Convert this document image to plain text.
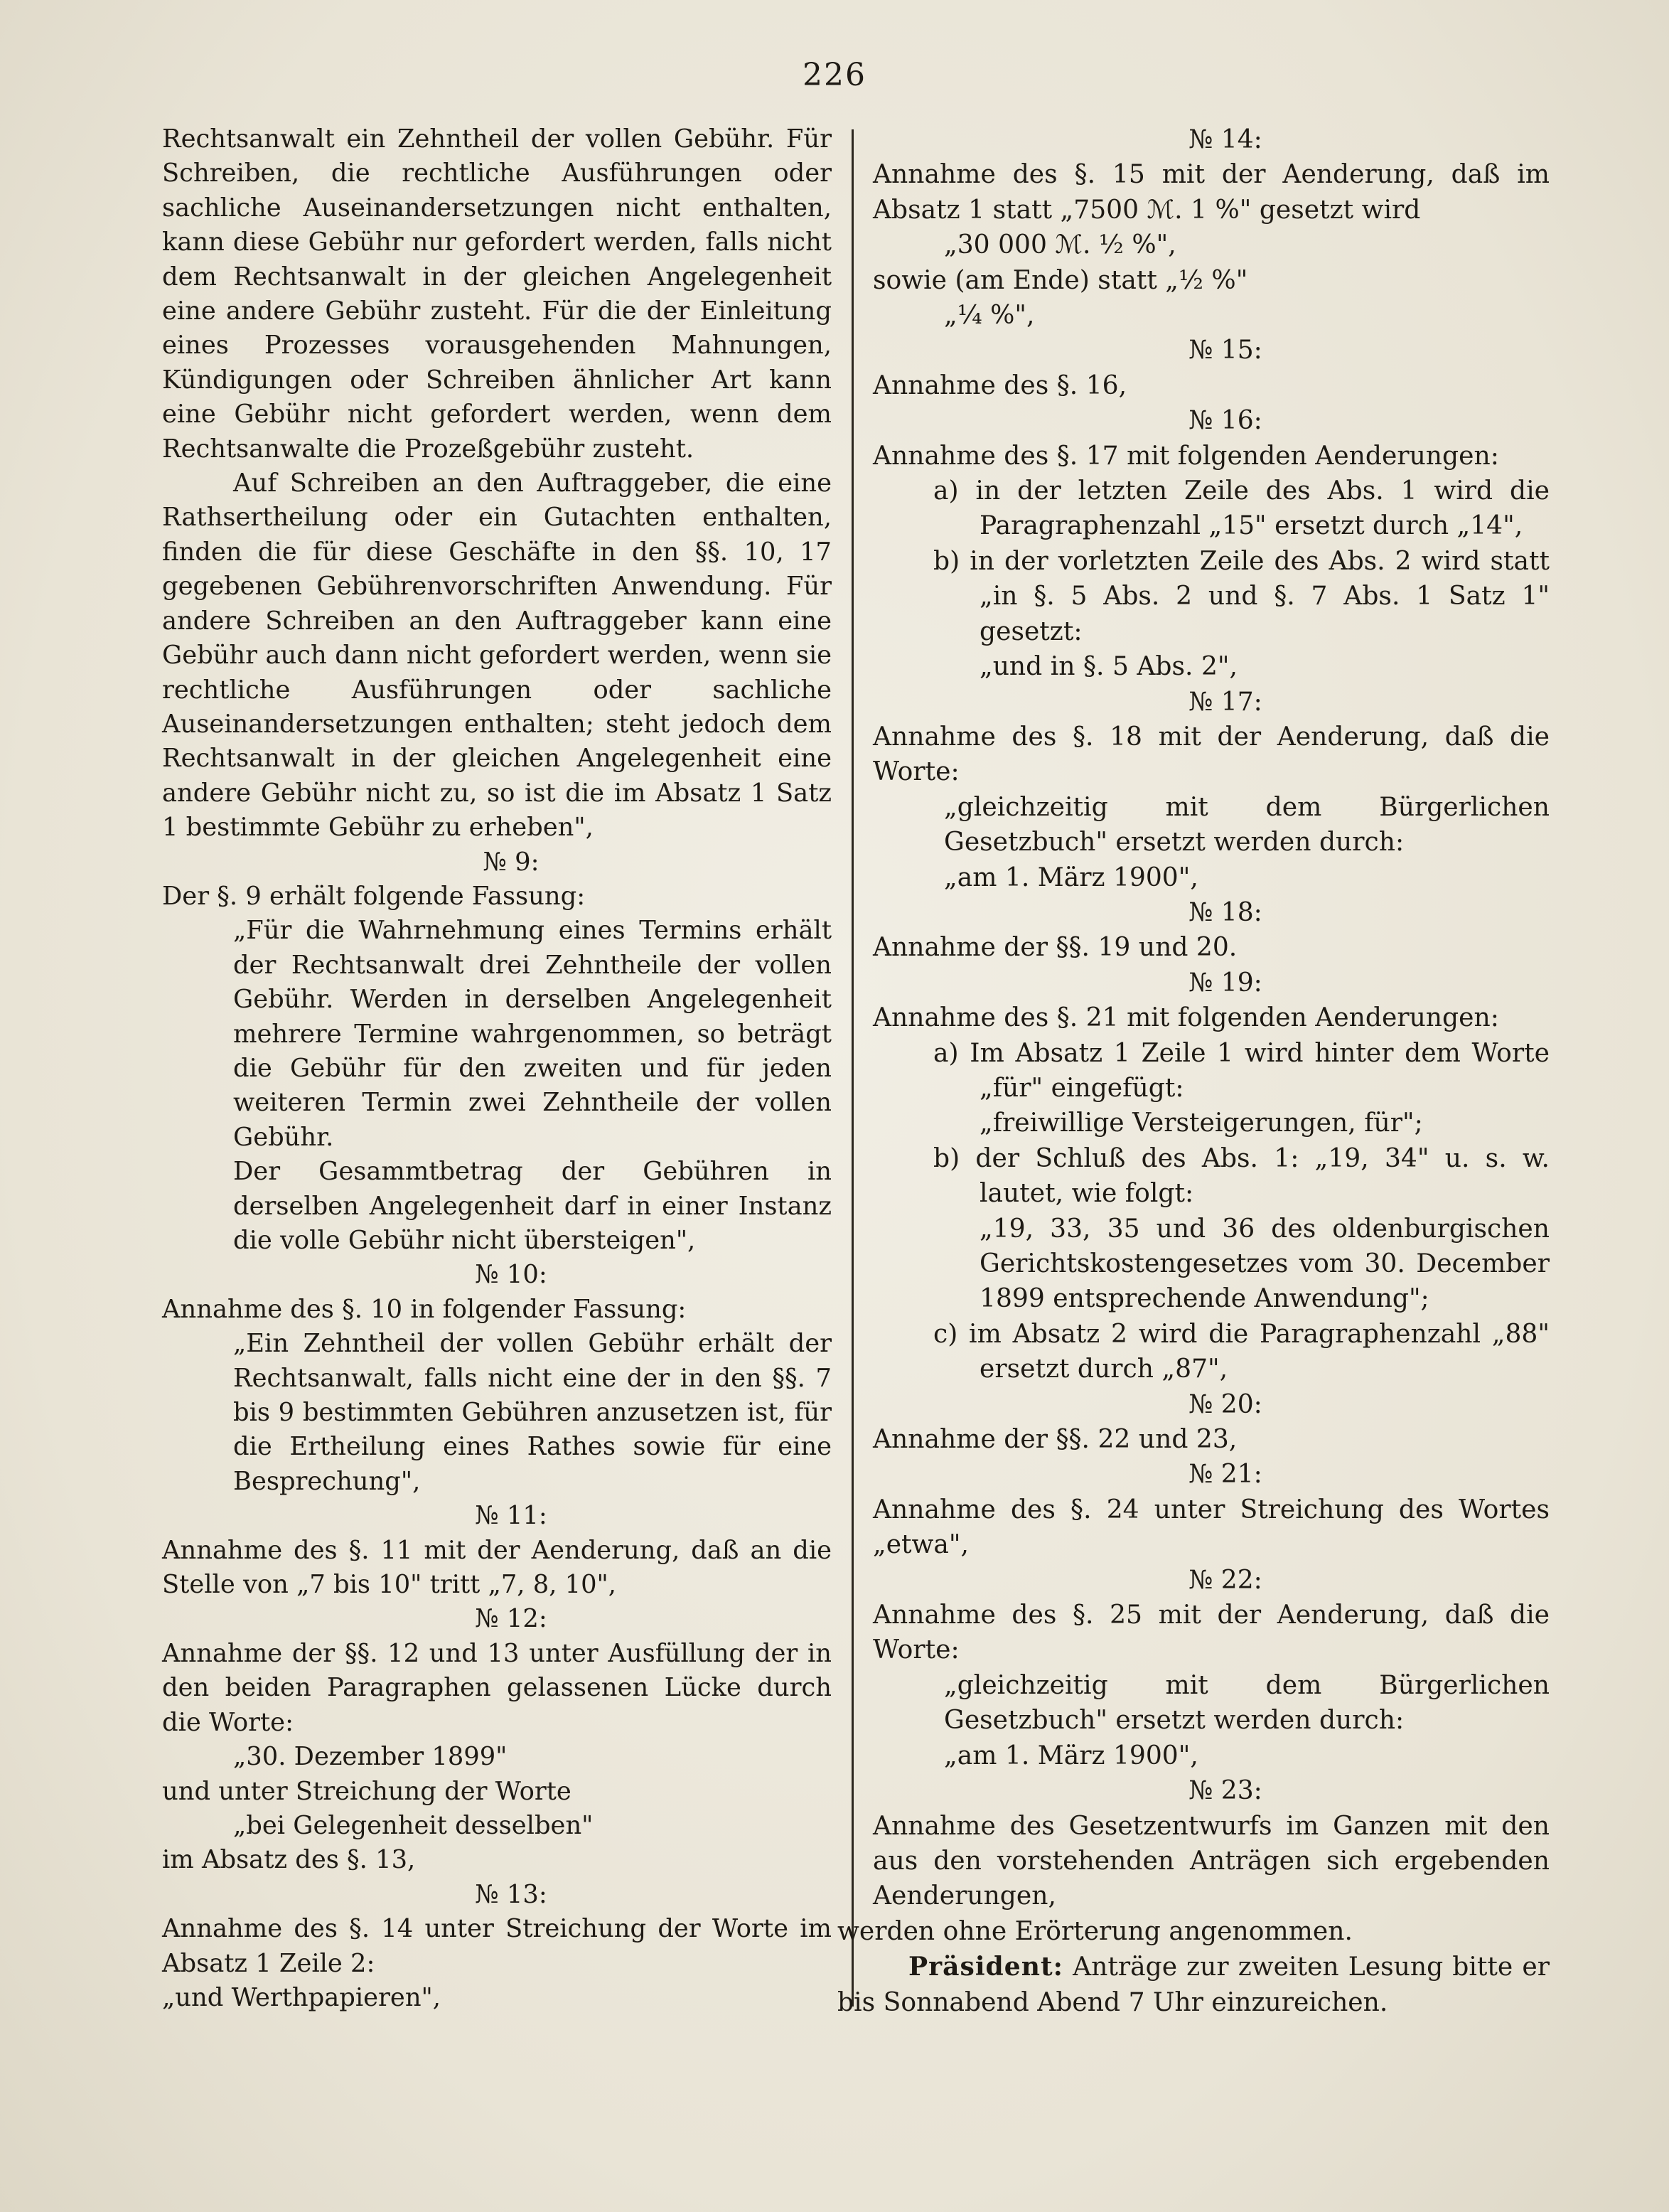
226

Rechtsanwalt ein Zehntheil der vollen Gebühr. Für Schreiben, die rechtliche Ausführungen oder sachliche Auseinandersetzungen nicht enthalten, kann diese Gebühr nur gefordert werden, falls nicht dem Rechtsanwalt in der gleichen Angelegenheit eine andere Gebühr zusteht. Für die der Einleitung eines Prozesses vorausgehenden Mahnungen, Kündigungen oder Schreiben ähnlicher Art kann eine Gebühr nicht gefordert werden, wenn dem Rechtsanwalte die Prozeßgebühr zusteht.

Auf Schreiben an den Auftraggeber, die eine Rathsertheilung oder ein Gutachten enthalten, finden die für diese Geschäfte in den §§. 10, 17 gegebenen Gebührenvorschriften Anwendung. Für andere Schreiben an den Auftraggeber kann eine Gebühr auch dann nicht gefordert werden, wenn sie rechtliche Ausführungen oder sachliche Auseinandersetzungen enthalten; steht jedoch dem Rechtsanwalt in der gleichen Angelegenheit eine andere Gebühr nicht zu, so ist die im Absatz 1 Satz 1 bestimmte Gebühr zu erheben",

№ 9:

Der §. 9 erhält folgende Fassung:

„Für die Wahrnehmung eines Termins erhält der Rechtsanwalt drei Zehntheile der vollen Gebühr. Werden in derselben Angelegenheit mehrere Termine wahrgenommen, so beträgt die Gebühr für den zweiten und für jeden weiteren Termin zwei Zehntheile der vollen Gebühr.

Der Gesammtbetrag der Gebühren in derselben Angelegenheit darf in einer Instanz die volle Gebühr nicht übersteigen",

№ 10:

Annahme des §. 10 in folgender Fassung:

„Ein Zehntheil der vollen Gebühr erhält der Rechtsanwalt, falls nicht eine der in den §§. 7 bis 9 bestimmten Gebühren anzusetzen ist, für die Ertheilung eines Rathes sowie für eine Besprechung",

№ 11:

Annahme des §. 11 mit der Aenderung, daß an die Stelle von „7 bis 10" tritt „7, 8, 10",

№ 12:

Annahme der §§. 12 und 13 unter Ausfüllung der in den beiden Paragraphen gelassenen Lücke durch die Worte:

„30. Dezember 1899"

und unter Streichung der Worte

„bei Gelegenheit desselben"

im Absatz des §. 13,

№ 13:

Annahme des §. 14 unter Streichung der Worte im Absatz 1 Zeile 2:

„und Werthpapieren",

№ 14:

Annahme des §. 15 mit der Aenderung, daß im Absatz 1 statt „7500 ℳ. 1 %" gesetzt wird

„30 000 ℳ. ½ %",

sowie (am Ende) statt „½ %"

„¼ %",

№ 15:

Annahme des §. 16,

№ 16:

Annahme des §. 17 mit folgenden Aenderungen:

a) in der letzten Zeile des Abs. 1 wird die Paragraphenzahl „15" ersetzt durch „14",

b) in der vorletzten Zeile des Abs. 2 wird statt „in §. 5 Abs. 2 und §. 7 Abs. 1 Satz 1" gesetzt:

„und in §. 5 Abs. 2",

№ 17:

Annahme des §. 18 mit der Aenderung, daß die Worte:

„gleichzeitig mit dem Bürgerlichen Gesetzbuch" ersetzt werden durch:

„am 1. März 1900",

№ 18:

Annahme der §§. 19 und 20.

№ 19:

Annahme des §. 21 mit folgenden Aenderungen:

a) Im Absatz 1 Zeile 1 wird hinter dem Worte „für" eingefügt:

„freiwillige Versteigerungen, für";

b) der Schluß des Abs. 1: „19, 34" u. s. w. lautet, wie folgt:

„19, 33, 35 und 36 des oldenburgischen Gerichtskostengesetzes vom 30. December 1899 entsprechende Anwendung";

c) im Absatz 2 wird die Paragraphenzahl „88" ersetzt durch „87",

№ 20:

Annahme der §§. 22 und 23,

№ 21:

Annahme des §. 24 unter Streichung des Wortes „etwa",

№ 22:

Annahme des §. 25 mit der Aenderung, daß die Worte:

„gleichzeitig mit dem Bürgerlichen Gesetzbuch" ersetzt werden durch:

„am 1. März 1900",

№ 23:

Annahme des Gesetzentwurfs im Ganzen mit den aus den vorstehenden Anträgen sich ergebenden Aenderungen,

werden ohne Erörterung angenommen.

Präsident: Anträge zur zweiten Lesung bitte er bis Sonnabend Abend 7 Uhr einzureichen.
